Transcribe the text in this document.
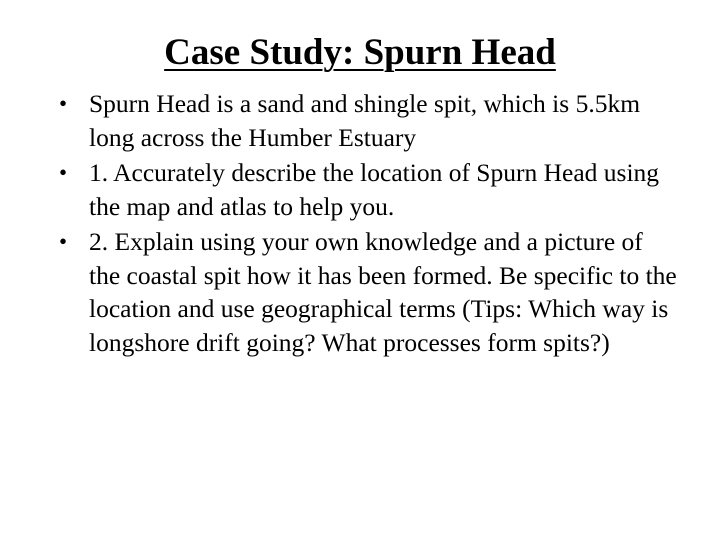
Case Study: Spurn Head
• Spurn Head is a sand and shingle spit, which is 5.5km long across the Humber Estuary
• 1. Accurately describe the location of Spurn Head using the map and atlas to help you.
• 2. Explain using your own knowledge and a picture of the coastal spit how it has been formed. Be specific to the location and use geographical terms (Tips: Which way is longshore drift going? What processes form spits?)
